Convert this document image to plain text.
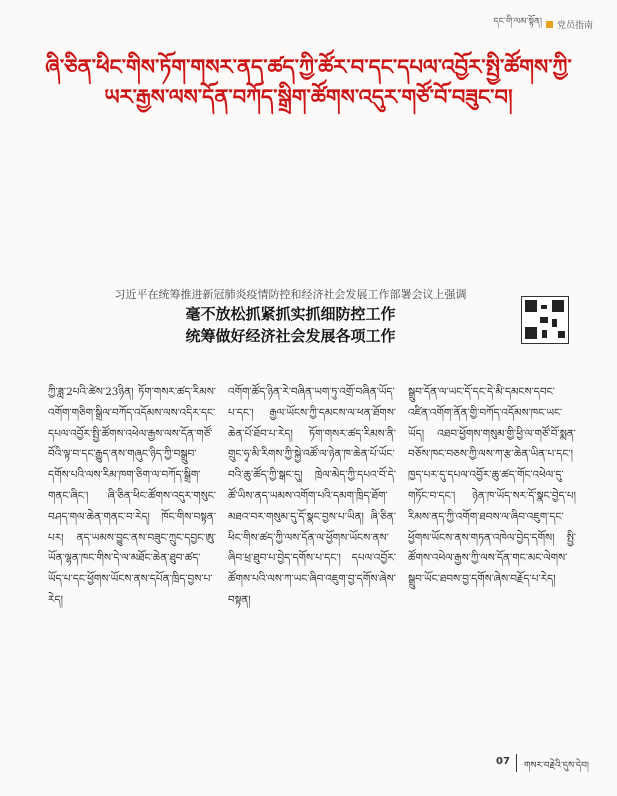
དང་གི་ལམ་སྟོན། 党员指南
ཞི་ཅིན་ཕིང་གིས་ཏོག་གསར་ནད་ཚད་ཀྱི་ཚོར་བ་དང་དཔལ་འབྱོར་སྤྱི་ཚོགས་ཀྱི་ཡར་རྒྱས་ལས་དོན་བཀོད་སྒྲིག་ཚོགས་འདུར་གཙོ་བོ་བཟུང་བ།
习近平在统筹推进新冠肺炎疫情防控和经济社会发展工作部署会议上强调
毫不放松抓紧抓实抓细防控工作
统筹做好经济社会发展各项工作
ཀྱི་ཟླ་2པའི་ཚེས་23ཉིན། ཏོག་གསར་ཚད་རིམས་འགོག་གཅིག་སྒྲིལ་བཀོད་འདོམས་ལས་འདིར་དང་དཔལ་འབྱོར་སྤྱི་ཚོགས་འཕེལ་རྒྱས་ལས་དོན་གཙོ་བོའི་ལྟ་བ་དང་རྒྱུད་ནས་གཞུང་ཉིད་ཀྱི་བསྒྲུབ་དགོས་པའི་ལས་རིམ་ཁག་ཅིག་ལ་བཀོད་སྒྲིག་གནང་ཞིང་། ཞི་ཅིན་ཕིང་ཚོགས་འདུར་གསུང་བཤད་གལ་ཆེན་གནང་བ་རེད། ཁོང་གིས་བསྟན་པར། ནད་ཡམས་བྱུང་ནས་བཟུང་ཀྲུང་དབྱང་ཨུ་ཡོན་ལྷན་ཁང་གིས་དེ་ལ་མཐོང་ཆེན་ཐུབ་ཚད་ཡོད་པ་དང་ཕྱོགས་ཡོངས་ནས་དཔོན་ཁྲིད་བྱས་པ་རེད།
འགོག་ཚོད་ཉིན་རེ་བཞིན་ཡག་ཏུ་འགྲོ་བཞིན་ཡོད་པ་དང་། རྒྱལ་ཡོངས་ཀྱི་དམངས་ལ་ཕན་ཐོགས་ཆེན་པོ་ཐོབ་པ་རེད། ཏོག་གསར་ཚད་རིམས་ནི་གྲུང་ཧྭ་མི་རིགས་ཀྱི་སྐྱེ་འཚོ་ལ་ཉེན་ཁ་ཆེན་པོ་ཡོང་བའི་ཆུ་ཚོད་ཀྱི་སྒང་དུ། ཁྲེལ་མེད་ཀྱི་དཔའ་བོ་དེ་ཚོ་ཡིས་ནད་ཡམས་འགོག་པའི་དམག་ཁྲིད་ཐོག་མཐའ་བར་གསུམ་དུ་དོ་སྣང་བྱས་པ་ཡིན། ཞི་ཅིན་ཕིང་གིས་ཚད་ཀྱི་ལས་དོན་ལ་ཕྱོགས་ཡོངས་ནས་ཞིབ་ཕྲ་ཐུབ་པ་བྱེད་དགོས་པ་དང་། དཔལ་འབྱོར་ཚོགས་པའི་ལས་ཀ་ཡང་ཞིབ་འཇུག་བྱ་དགོས་ཞེས་བསྟན།
སྒྲུབ་དོན་ལ་ཡང་དོ་དང་དེ་མི་དམངས་དབང་འཛིན་འགོག་ནོན་གྱི་བཀོད་འདོམས་ཁང་ཡང་ཡོད། འཐབ་ཕྱོགས་གསུམ་གྱི་ཕྱི་ལ་གཙོ་བོ་སྨན་བཅོས་ཁང་བཅས་ཀྱི་ལས་ཀ་རྩ་ཆེན་ཡིན་པ་དང་། ཁྱད་པར་དུ་དཔལ་འབྱོར་ཆུ་ཚད་གོང་འཕེལ་དུ་གཏོང་བ་དང་། ཉེན་ཁ་ཡོད་སར་དོ་སྣང་བྱེད་པ། རིམས་ནད་ཀྱི་འགོག་ཐབས་ལ་ཞིབ་འཇུག་དང་ཕྱོགས་ཡོངས་ནས་གཏན་འཁེལ་བྱེད་དགོས། སྤྱི་ཚོགས་འཕེལ་རྒྱས་ཀྱི་ལས་དོན་གང་མང་ལེགས་སྒྲུབ་ཡོང་ཐབས་བྱ་དགོས་ཞེས་བརྗོད་པ་རེད།
07 གསར་བརྗེའི་དུས་དེབ།
